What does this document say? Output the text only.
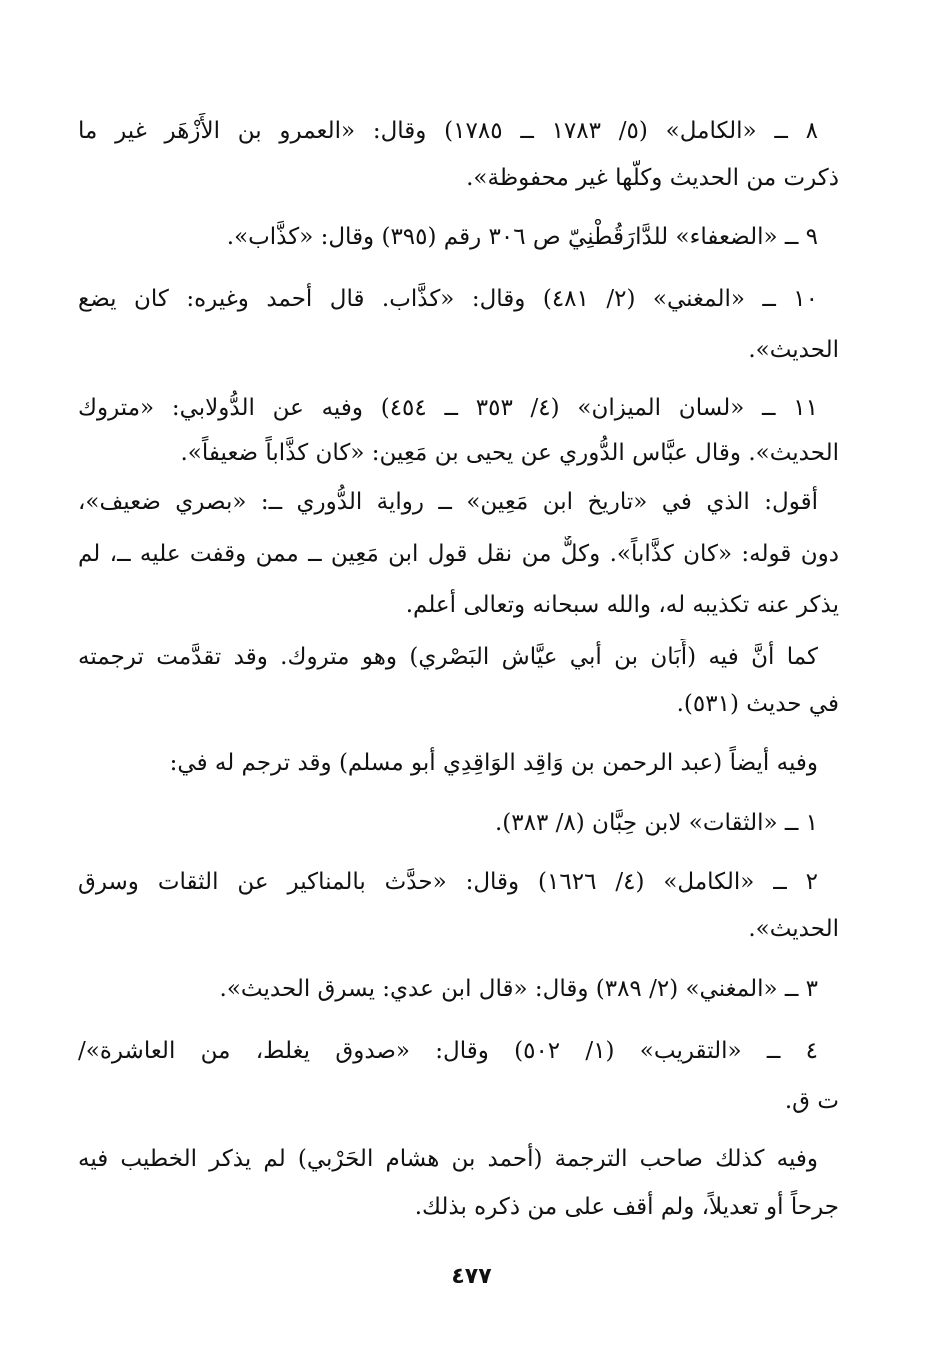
٨ ــ «الكامل» (٥/ ١٧٨٣ ــ ١٧٨٥) وقال: «العمرو بن الأَزْهَر غير ما
ذكرت من الحديث وكلُّها غير محفوظة».
٩ ــ «الضعفاء» للدَّارَقُطْنِيّ ص ٣٠٦ رقم (٣٩٥) وقال: «كذَّاب».
١٠ ــ «المغني» (٢/ ٤٨١) وقال: «كذَّاب. قال أحمد وغيره: كان يضع
الحديث».
١١ ــ «لسان الميزان» (٤/ ٣٥٣ ــ ٤٥٤) وفيه عن الدُّولابي: «متروك
الحديث». وقال عبَّاس الدُّوري عن يحيى بن مَعِين: «كان كذَّاباً ضعيفاً».
أقول: الذي في «تاريخ ابن مَعِين» ــ رواية الدُّوري ــ: «بصري ضعيف»،
دون قوله: «كان كذَّاباً». وكلٌّ من نقل قول ابن مَعِين ــ ممن وقفت عليه ــ، لم
يذكر عنه تكذيبه له، والله سبحانه وتعالى أعلم.
كما أنَّ فيه (أَبَان بن أبي عيَّاش البَصْري) وهو متروك. وقد تقدَّمت ترجمته
في حديث (٥٣١).
وفيه أيضاً (عبد الرحمن بن وَاقِد الوَاقِدِي أبو مسلم) وقد ترجم له في:
١ ــ «الثقات» لابن حِبَّان (٨/ ٣٨٣).
٢ ــ «الكامل» (٤/ ١٦٢٦) وقال: «حدَّث بالمناكير عن الثقات وسرق
الحديث».
٣ ــ «المغني» (٢/ ٣٨٩) وقال: «قال ابن عدي: يسرق الحديث».
٤ ــ «التقريب» (١/ ٥٠٢) وقال: «صدوق يغلط، من العاشرة»/
ت ق.
وفيه كذلك صاحب الترجمة (أحمد بن هشام الحَرْبي) لم يذكر الخطيب فيه
جرحاً أو تعديلاً، ولم أقف على من ذكره بذلك.
٤٧٧
